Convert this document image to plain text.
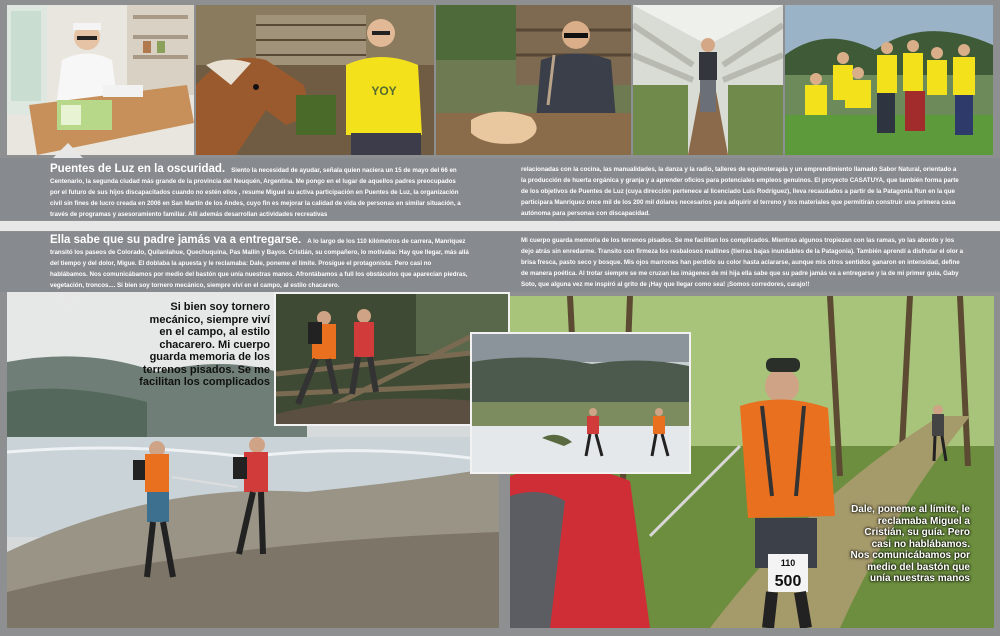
YOY

Puentes de Luz en la oscuridad. Siento la necesidad de ayudar, señala quien naciera un 15 de mayo del 66 en Centenario, la segunda ciudad más grande de la provincia del Neuquén, Argentina. Me pongo en el lugar de aquellos padres preocupados por el futuro de sus hijos discapacitados cuando no estén ellos , resume Miguel su activa participación en Puentes de Luz, la organización civil sin fines de lucro creada en 2006 en San Martín de los Andes, cuyo fin es mejorar la calidad de vida de personas en similar situación, a través de programas y asesoramiento familiar. Allí además desarrollan actividades recreativas

relacionadas con la cocina, las manualidades, la danza y la radio, talleres de equinoterapia y un emprendimiento llamado Sabor Natural, orientado a la producción de huerta orgánica y granja y a aprender oficios para potenciales empleos genuinos. El proyecto CASATUYA, que también forma parte de los objetivos de Puentes de Luz (cuya dirección pertenece al licenciado Luis Rodríguez), lleva recaudados a partir de la Patagonia Run en la que participara Manríquez once mil de los 200 mil dólares necesarios para adquirir el terreno y los materiales que permitirán construir una primera casa autónoma para personas con discapacidad.

Ella sabe que su padre jamás va a entregarse. A lo largo de los 110 kilómetros de carrera, Manríquez transitó los paseos de Colorado, Quilanlahue, Quechuquina, Pas Mallín y Bayos. Cristián, su compañero, lo motivaba: Hay que llegar, más allá del tiempo y del dolor, Migue. El doblaba la apuesta y le reclamaba: Dale, poneme el límite. Prosigue el protagonista: Pero casi no hablábamos. Nos comunicábamos por medio del bastón que unía nuestras manos. Afrontábamos a full los obstáculos que aparecían piedras, vegetación, troncos.... Si bien soy tornero mecánico, siempre viví en el campo, al estilo chacarero.

Mi cuerpo guarda memoria de los terrenos pisados. Se me facilitan los complicados. Mientras algunos tropiezan con las ramas, yo las abordo y los dejo atrás sin enredarme. Transito con firmeza los resbalosos mallines (tierras bajas inundables de la Patagonia). También aprendí a disfrutar el olor a brisa fresca, pasto seco y bosque. Mis ojos marrones han perdido su color hasta aclararse, aunque mis otros sentidos ganaron en intensidad, define de manera poética. Al trotar siempre se me cruzan las imágenes de mi hija ella sabe que su padre jamás va a entregarse y la de mi primer guía, Gaby Soto, que alguna vez me inspiró al grito de ¡Hay que llegar como sea! ¡Somos corredores, carajo!!

Si bien soy tornero mecánico, siempre viví en el campo, al estilo chacarero. Mi cuerpo guarda memoria de los terrenos pisados. Se me facilitan los complicados
110
500
Dale, poneme al límite, le reclamaba Miguel a Cristián, su guía. Pero casi no hablábamos. Nos comunicábamos por medio del bastón que unía nuestras manos
